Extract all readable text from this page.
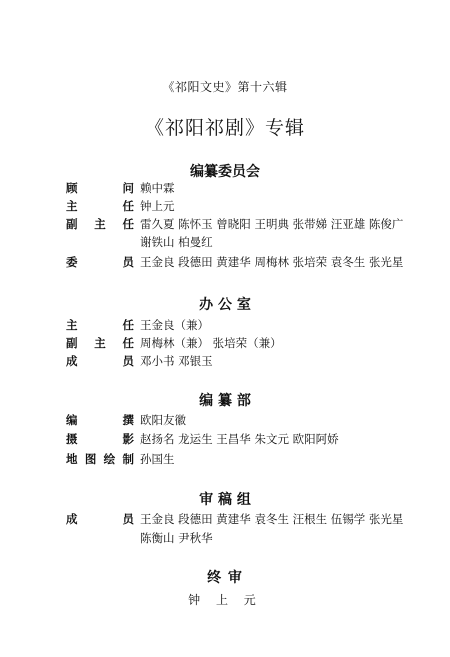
《祁阳文史》第十六辑
《祁阳祁剧》专辑
编纂委员会
顾	问 赖中霖
主	任 钟上元
副 主 任 雷久夏 陈怀玉 曾晓阳 王明典 张带娣 汪亚雄 陈俊广
谢铁山 柏曼红
委	员 王金良 段德田 黄建华 周梅林 张培荣 袁冬生 张光星
办 公 室
主	任 王金良（兼）
副 主 任 周梅林（兼） 张培荣（兼）
成	员 邓小书 邓银玉
编 纂 部
编	撰 欧阳友徽
摄	影 赵扬名 龙运生 王昌华 朱文元 欧阳阿娇
地 图 绘 制 孙国生
审 稿 组
成	员 王金良 段德田 黄建华 袁冬生 汪根生 伍锡学 张光星
陈衡山 尹秋华
终 审
钟 上 元
